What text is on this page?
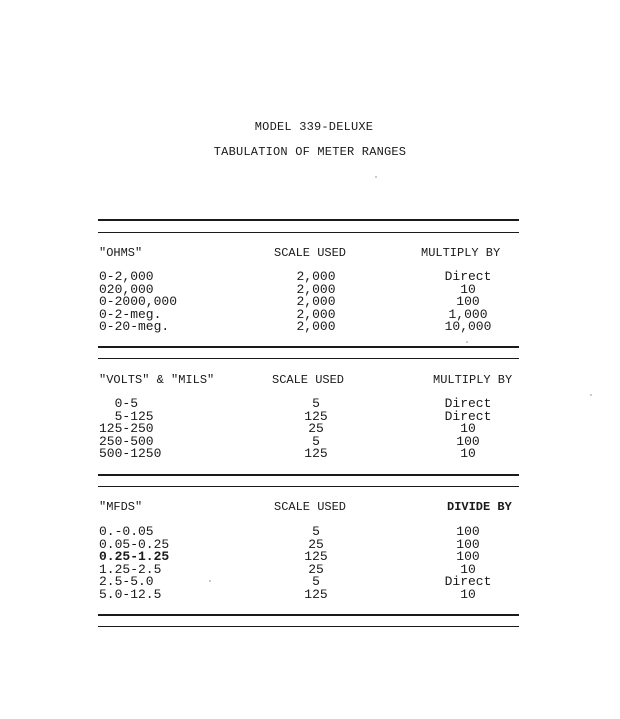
MODEL 339-DELUXE
TABULATION OF METER RANGES
"OHMS"	SCALE USED	MULTIPLY BY
0-2,000	2,000	Direct
020,000	2,000	10
0-2000,000	2,000	100
0-2-meg.	2,000	1,000
0-20-meg.	2,000	10,000
"VOLTS" & "MILS"	SCALE USED	MULTIPLY BY
0-5	5	Direct
5-125	125	Direct
125-250	25	10
250-500	5	100
500-1250	125	10
"MFDS"	SCALE USED	DIVIDE BY
0.-0.05	5	100
0.05-0.25	25	100
0.25-1.25	125	100
1.25-2.5	25	10
2.5-5.0	5	Direct
5.0-12.5	125	10
